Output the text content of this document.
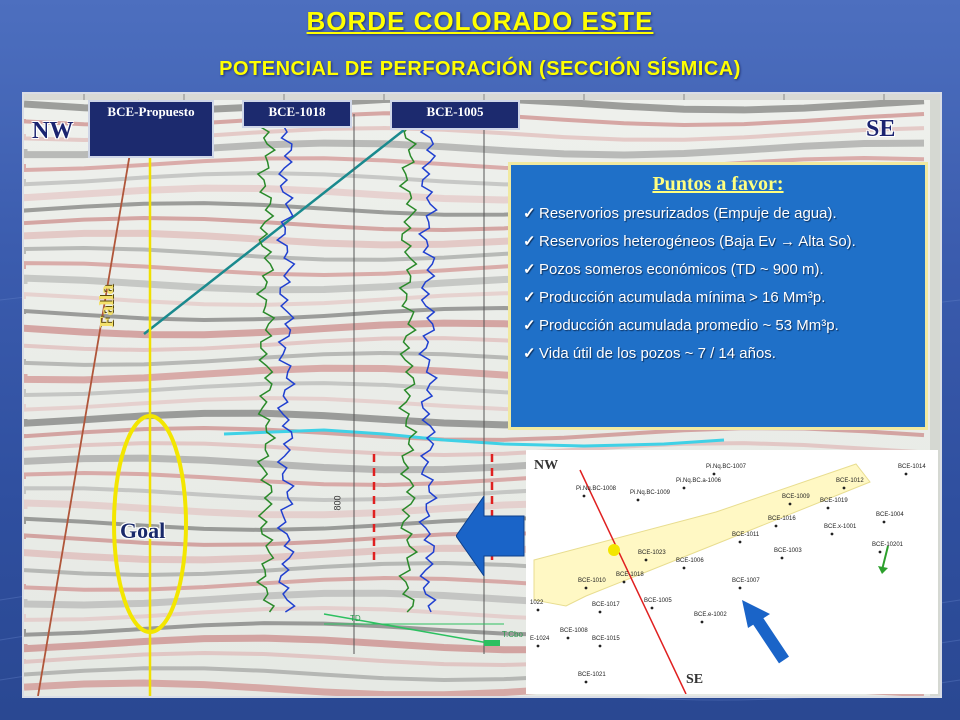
BORDE COLORADO ESTE
POTENCIAL DE PERFORACIÓN (SECCIÓN SÍSMICA)
BCE-Propuesto	BCE-1018	BCE-1005
NW	SE
Falla
Goal
800
TD
T.Cbo
Puntos a favor:
✓ Reservorios presurizados (Empuje de agua).
✓ Reservorios heterogéneos (Baja Ev → Alta So).
✓ Pozos someros económicos (TD ~ 900 m).
✓ Producción acumulada mínima > 16 Mm³p.
✓ Producción acumulada promedio ~ 53 Mm³p.
✓ Vida útil de los pozos ~ 7 / 14 años.
NW
SE
Pi.Nq.BC-1007	BCE-1014
Pi.Nq.BC-1008
Pi.Nq.BC.a-1006
Pi.Nq.BC-1009
BCE-1012
BCE-1009
BCE-1019
BCE-1004
BCE-1016
BCE.x-1001
BCE-1011
BCE-10201
BCE-1023	BCE-1003
BCE-1006
BCE-1018
BCE-1010	BCE-1007
BCE-1005
1022	BCE-1017
BCE.e-1002
BCE-1008
E-1024	BCE-1015
BCE-1021
